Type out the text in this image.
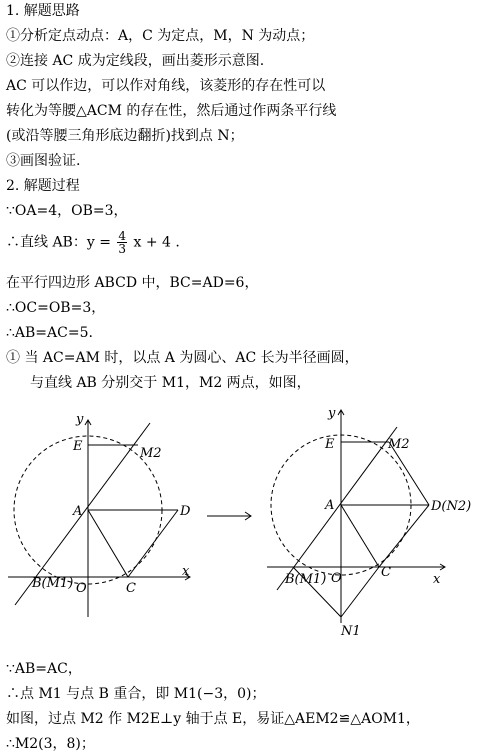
1. 解题思路
①分析定点动点：A，C 为定点，M，N 为动点；
②连接 AC 成为定线段，画出菱形示意图.
AC 可以作边，可以作对角线，该菱形的存在性可以
转化为等腰△ACM 的存在性，然后通过作两条平行线
(或沿等腰三角形底边翻折)找到点 N；
③画图验证.
2. 解题过程
∵OA=4，OB=3，
∴直线 AB：$y = \frac{4}{3}$ x + 4 .
在平行四边形 ABCD 中，BC=AD=6，
∴OC=OB=3，
∴AB=AC=5.
① 当 AC=AM 时，以点 A 为圆心、AC 长为半径画圆，
与直线 AB 分别交于 M1，M2 两点，如图，
y
x
O
E	M2
A	D
C
B(M1)
y
x
O
E	M2
A	D(N2)
C
B(M1)
N1
∵AB=AC，
∴点 M1 与点 B 重合，即 M1(−3，0)；
如图，过点 M2 作 M2E⊥y 轴于点 E，易证△AEM2≌△AOM1，
∴M2(3，8)；
